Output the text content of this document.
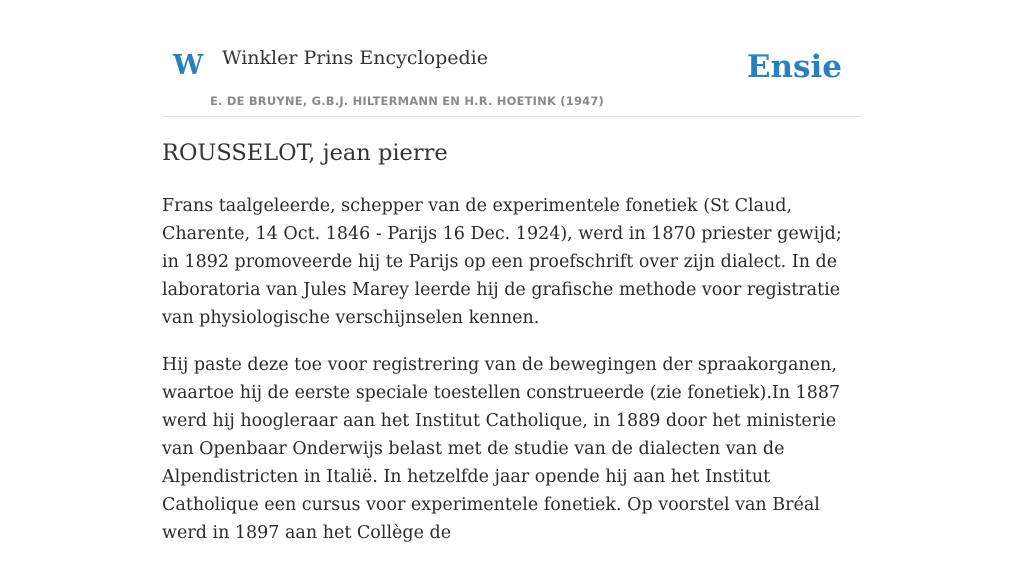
W Winkler Prins Encyclopedie
E. DE BRUYNE, G.B.J. HILTERMANN EN H.R. HOETINK (1947)
Ensie
ROUSSELOT, jean pierre

Frans taalgeleerde, schepper van de experimentele fonetiek (St Claud, Charente, 14 Oct. 1846 - Parijs 16 Dec. 1924), werd in 1870 priester gewijd; in 1892 promoveerde hij te Parijs op een proefschrift over zijn dialect. In de laboratoria van Jules Marey leerde hij de grafische methode voor registratie van physiologische verschijnselen kennen.

Hij paste deze toe voor registrering van de bewegingen der spraakorganen, waartoe hij de eerste speciale toestellen construeerde (zie fonetiek).In 1887 werd hij hoogleraar aan het Institut Catholique, in 1889 door het ministerie van Openbaar Onderwijs belast met de studie van de dialecten van de Alpendistricten in Italië. In hetzelfde jaar opende hij aan het Institut Catholique een cursus voor experimentele fonetiek. Op voorstel van Bréal werd in 1897 aan het Collège de
